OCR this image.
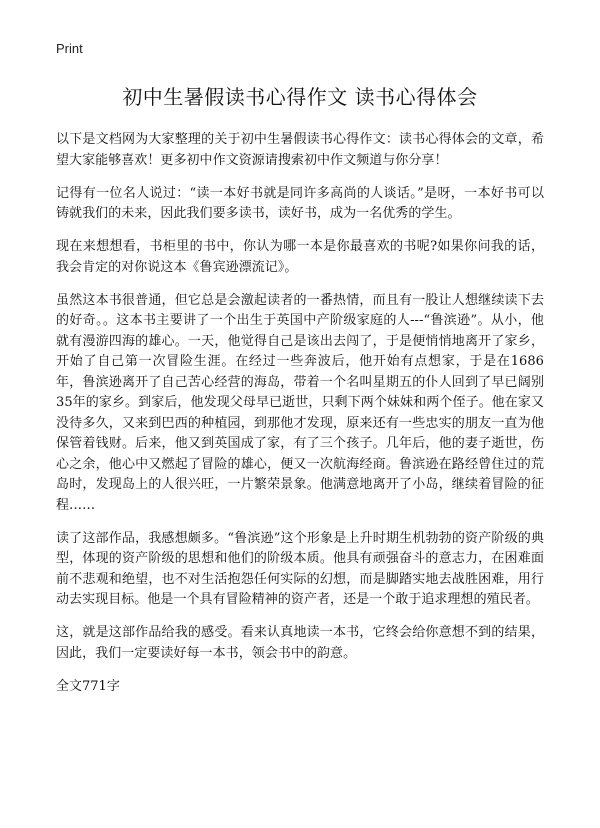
Print
初中生暑假读书心得作文 读书心得体会

以下是文档网为大家整理的关于初中生暑假读书心得作文：读书心得体会的文章，希望大家能够喜欢！更多初中作文资源请搜索初中作文频道与你分享！

记得有一位名人说过：“读一本好书就是同许多高尚的人谈话。”是呀，一本好书可以铸就我们的未来，因此我们要多读书，读好书，成为一名优秀的学生。

现在来想想看，书柜里的书中，你认为哪一本是你最喜欢的书呢?如果你问我的话，我会肯定的对你说这本《鲁宾逊漂流记》。

虽然这本书很普通，但它总是会激起读者的一番热情，而且有一股让人想继续读下去的好奇。。这本书主要讲了一个出生于英国中产阶级家庭的人---“鲁滨逊”。从小，他就有漫游四海的雄心。一天，他觉得自己是该出去闯了，于是便悄悄地离开了家乡，开始了自己第一次冒险生涯。在经过一些奔波后，他开始有点想家，于是在1686年，鲁滨逊离开了自己苦心经营的海岛，带着一个名叫星期五的仆人回到了早已阔别35年的家乡。到家后，他发现父母早已逝世，只剩下两个妹妹和两个侄子。他在家又没待多久，又来到巴西的种植园，到那他才发现，原来还有一些忠实的朋友一直为他保管着钱财。后来，他又到英国成了家，有了三个孩子。几年后，他的妻子逝世，伤心之余，他心中又燃起了冒险的雄心，便又一次航海经商。鲁滨逊在路经曾住过的荒岛时，发现岛上的人很兴旺，一片繁荣景象。他满意地离开了小岛，继续着冒险的征程……

读了这部作品，我感想颇多。“鲁滨逊”这个形象是上升时期生机勃勃的资产阶级的典型，体现的资产阶级的思想和他们的阶级本质。他具有顽强奋斗的意志力，在困难面前不悲观和绝望，也不对生活抱怨任何实际的幻想，而是脚踏实地去战胜困难，用行动去实现目标。他是一个具有冒险精神的资产者，还是一个敢于追求理想的殖民者。

这，就是这部作品给我的感受。看来认真地读一本书，它终会给你意想不到的结果，因此，我们一定要读好每一本书，领会书中的韵意。

全文771字
